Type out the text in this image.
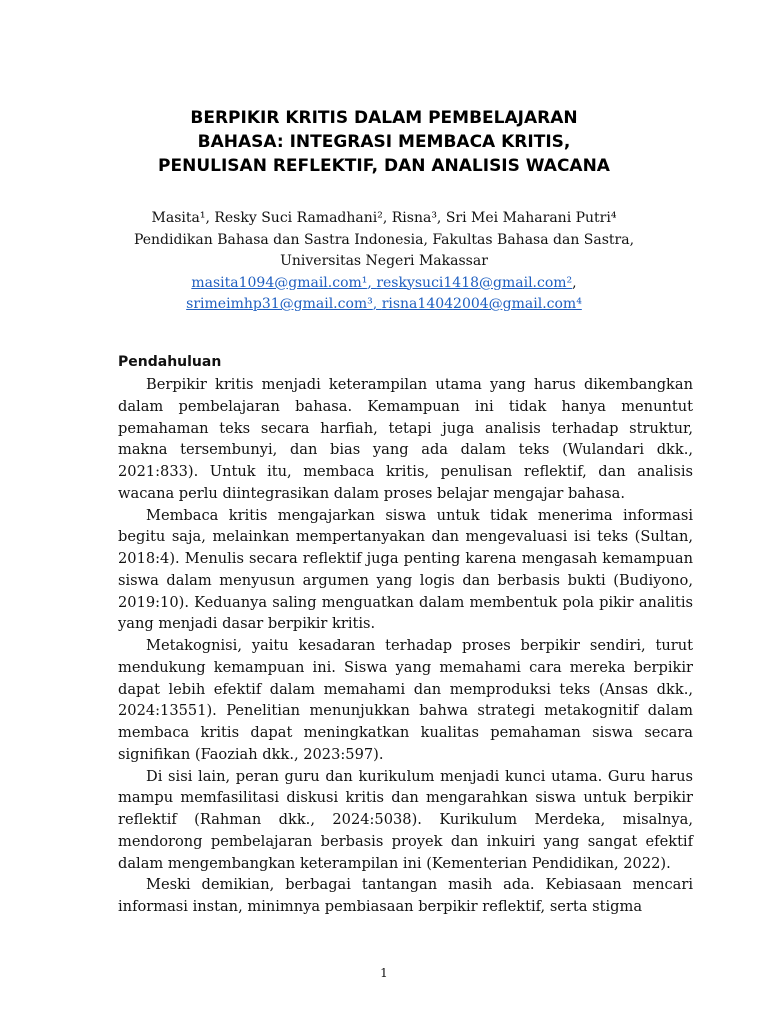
BERPIKIR KRITIS DALAM PEMBELAJARAN
BAHASA: INTEGRASI MEMBACA KRITIS,
PENULISAN REFLEKTIF, DAN ANALISIS WACANA
Masita¹, Resky Suci Ramadhani², Risna³, Sri Mei Maharani Putri⁴
Pendidikan Bahasa dan Sastra Indonesia, Fakultas Bahasa dan Sastra,
Universitas Negeri Makassar
masita1094@gmail.com¹, reskysuci1418@gmail.com²,
srimeimhp31@gmail.com³, risna14042004@gmail.com⁴
Pendahuluan

Berpikir kritis menjadi keterampilan utama yang harus dikembangkan dalam pembelajaran bahasa. Kemampuan ini tidak hanya menuntut pemahaman teks secara harfiah, tetapi juga analisis terhadap struktur, makna tersembunyi, dan bias yang ada dalam teks (Wulandari dkk., 2021:833). Untuk itu, membaca kritis, penulisan reflektif, dan analisis wacana perlu diintegrasikan dalam proses belajar mengajar bahasa.

Membaca kritis mengajarkan siswa untuk tidak menerima informasi begitu saja, melainkan mempertanyakan dan mengevaluasi isi teks (Sultan, 2018:4). Menulis secara reflektif juga penting karena mengasah kemampuan siswa dalam menyusun argumen yang logis dan berbasis bukti (Budiyono, 2019:10). Keduanya saling menguatkan dalam membentuk pola pikir analitis yang menjadi dasar berpikir kritis.

Metakognisi, yaitu kesadaran terhadap proses berpikir sendiri, turut mendukung kemampuan ini. Siswa yang memahami cara mereka berpikir dapat lebih efektif dalam memahami dan memproduksi teks (Ansas dkk., 2024:13551). Penelitian menunjukkan bahwa strategi metakognitif dalam membaca kritis dapat meningkatkan kualitas pemahaman siswa secara signifikan (Faoziah dkk., 2023:597).

Di sisi lain, peran guru dan kurikulum menjadi kunci utama. Guru harus mampu memfasilitasi diskusi kritis dan mengarahkan siswa untuk berpikir reflektif (Rahman dkk., 2024:5038). Kurikulum Merdeka, misalnya, mendorong pembelajaran berbasis proyek dan inkuiri yang sangat efektif dalam mengembangkan keterampilan ini (Kementerian Pendidikan, 2022).

Meski demikian, berbagai tantangan masih ada. Kebiasaan mencari informasi instan, minimnya pembiasaan berpikir reflektif, serta stigma

1
